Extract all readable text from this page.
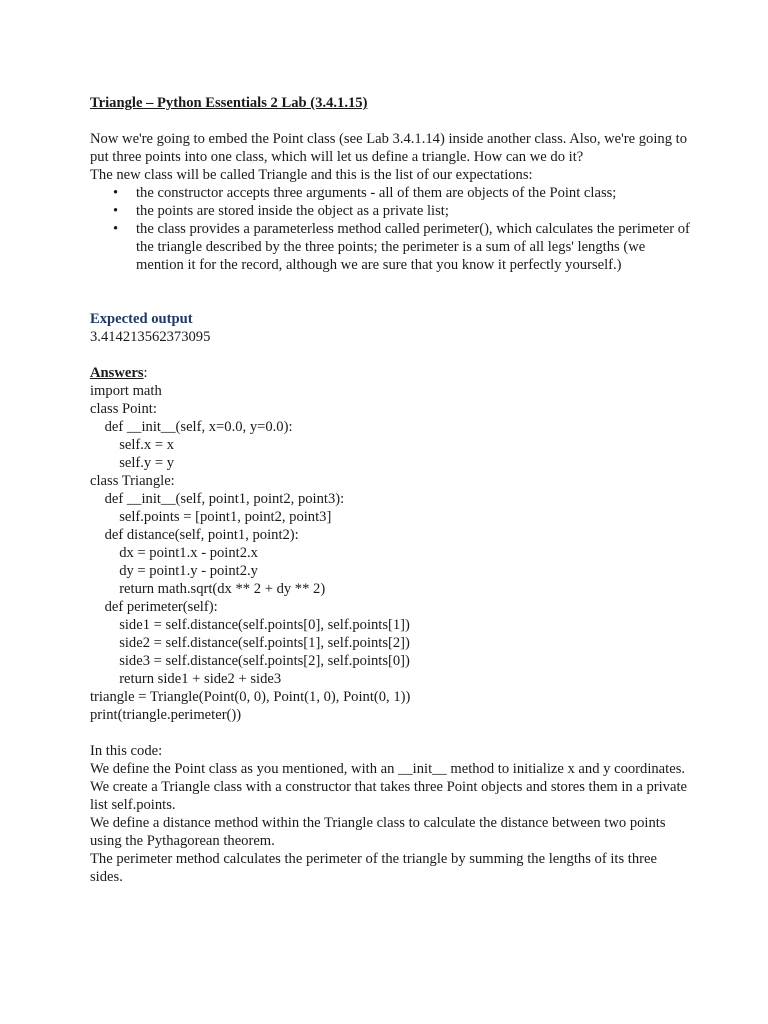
Triangle – Python Essentials 2 Lab (3.4.1.15)

Now we're going to embed the Point class (see Lab 3.4.1.14) inside another class. Also, we're going to put three points into one class, which will let us define a triangle. How can we do it?

The new class will be called Triangle and this is the list of our expectations:

• the constructor accepts three arguments - all of them are objects of the Point class;
• the points are stored inside the object as a private list;
• the class provides a parameterless method called perimeter(), which calculates the perimeter of the triangle described by the three points; the perimeter is a sum of all legs' lengths (we mention it for the record, although we are sure that you know it perfectly yourself.)
Expected output
3.414213562373095
Answers:
import math
class Point:
def __init__(self, x=0.0, y=0.0):
self.x = x
self.y = y
class Triangle:
def __init__(self, point1, point2, point3):
self.points = [point1, point2, point3]
def distance(self, point1, point2):
dx = point1.x - point2.x
dy = point1.y - point2.y
return math.sqrt(dx ** 2 + dy ** 2)
def perimeter(self):
side1 = self.distance(self.points[0], self.points[1])
side2 = self.distance(self.points[1], self.points[2])
side3 = self.distance(self.points[2], self.points[0])
return side1 + side2 + side3
triangle = Triangle(Point(0, 0), Point(1, 0), Point(0, 1))
print(triangle.perimeter())

In this code:

We define the Point class as you mentioned, with an __init__ method to initialize x and y coordinates.

We create a Triangle class with a constructor that takes three Point objects and stores them in a private list self.points.

We define a distance method within the Triangle class to calculate the distance between two points using the Pythagorean theorem.

The perimeter method calculates the perimeter of the triangle by summing the lengths of its three sides.
